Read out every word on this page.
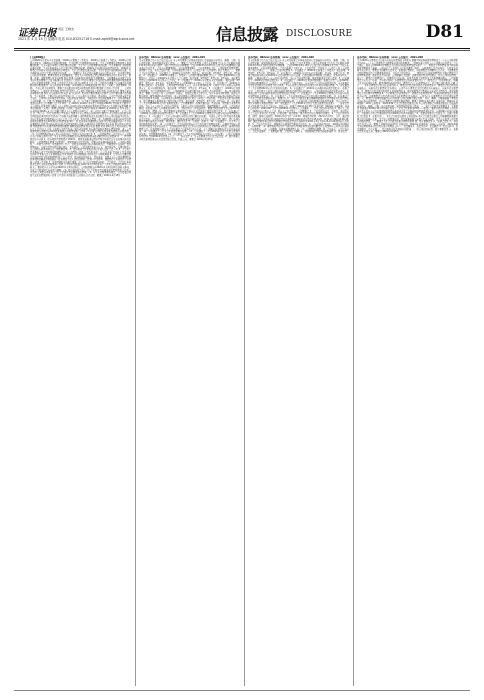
证券日报 责任 王晓杰
2021 年 4 月 15 日 星期四 电话 010-83251716 E-mail:zqrb9@zqrb.sina.net	信息披露 DISCLOSURE	D81
(上接D80版)

公司2020年度报告全文及摘要、2020年度董事会工作报告、2020年度监事会工作报告、2020年度财务决算报告、2020年度利润分配预案、关于续聘会计师事务所的议案、关于公司董事及高级管理人员薪酬的议案、关于向银行申请综合授信额度的议案、关于为子公司提供担保的议案、关于开展外汇套期保值业务的议案、关于使用闲置自有资金进行现金管理的议案、2020年度内部控制自我评价报告、2020年度募集资金存放与实际使用情况的专项报告、关于会计政策变更的议案、关于计提资产减值准备的议案、关于2021年度日常关联交易预计的议案。一、重要提示 本年度报告摘要来自年度报告全文，为全面了解本公司的经营成果、财务状况及未来发展规划，投资者应当到证监会指定媒体仔细阅读年度报告全文。董事、监事、高级管理人员异议声明 姓名 职务 内容和原因 声明 除下列董事外，其他董事亲自出席了审议本次年报的董事会会议 非标准审计意见提示 □适用 √不适用 董事会审议的报告期普通股利润分配预案或公积金转增股本预案 √适用 □不适用 是否以公积金转增股本 □是 √否 公司经本次董事会审议通过的普通股利润分配预案为：以公司总股本为基数，向全体股东每10股派发现金红利元（含税），送红股0股（含税），不以公积金转增股本。董事会决议通过的本报告期优先股利润分配预案 □适用 √不适用 二、公司基本情况 1、公司简介 股票简称 股票代码 股票上市交易所 深圳证券交易所 联系人和联系方式 董事会秘书 证券事务代表 姓名 办公地址 传真 电话 电子信箱 2、报告期主要业务或产品简介 公司主要从事产品的研发、生产和销售，主要产品包括各类系列产品，广泛应用于多个领域。报告期内，公司主营业务未发生重大变化。公司坚持以市场需求为导向，以技术创新为驱动，不断提升产品品质和服务水平，持续巩固和扩大市场份额。3、主要会计数据和财务指标 （1）近三年主要会计数据和财务指标 公司是否需追溯调整或重述以前年度会计数据 □是 √否 单位：元 2020年 2019年 本年比上年增减 2018年 营业收入 归属于上市公司股东的净利润 归属于上市公司股东的扣除非经常性损益的净利润 经营活动产生的现金流量净额 基本每股收益（元/股） 稀释每股收益（元/股） 加权平均净资产收益率 2020年末 2019年末 本年末比上年末增减 2018年末 资产总额 归属于上市公司股东的净资产 （2）分季度主要会计数据 单位：元 第一季度 第二季度 第三季度 第四季度 营业收入 归属于上市公司股东的净利润 归属于上市公司股东的扣除非经常性损益的净利润 经营活动产生的现金流量净额 上述财务指标或其加总数是否与公司已披露季度报告、半年度报告相关财务指标存在重大差异 □是 √否 4、股本及股东情况 （1）普通股股东和表决权恢复的优先股股东数量及前10名股东持股情况表 单位：股 报告期末普通股股东总数 年度报告披露日前一个月末普通股股东总数 报告期末表决权恢复的优先股股东总数 前10名股东持股情况 股东名称 股东性质 持股比例 持股数量 持有有限售条件的股份数量 质押或冻结情况 股份状态 数量 境内非国有法人 境内自然人 国有法人 境外法人 其他 上述股东关联关系或一致行动的说明 参与融资融券业务股东情况说明 （2）公司优先股股东总数及前10名优先股股东持股情况表 □适用 √不适用 公司报告期无优先股股东持股情况。（3）以方框图形式披露公司与实际控制人之间的产权及控制关系 5、公司债券情况 公司是否存在公开发行并在证券交易所上市，且在年度报告批准报出日未到期或到期未能全额兑付的公司债券 否 三、经营情况讨论与分析 1、报告期经营情况简介 2020年，面对新冠肺炎疫情的严峻考验和复杂多变的国内外经济形势，公司管理层在董事会的领导下，紧紧围绕年度经营目标，积极应对各种困难和挑战，一手抓疫情防控，一手抓生产经营，全力推进复工复产，持续加大研发投入和市场开拓力度，不断优化产品结构，提升管理效率，实现了经营业绩的稳定增长。报告期内，公司实现营业收入万元，同比增长%；实现归属于上市公司股东的净利润万元，同比增长%。2、报告期内主营业务是否存在重大变化 □是 √否 3、占公司主营业务收入或主营业务利润10%以上的产品情况 √适用 □不适用 单位：元 产品名称 营业收入 营业利润 毛利率 营业收入比上年同期增减 营业利润比上年同期增减 毛利率比上年同期增减 4、是否存在需要特别关注的经营季节性或周期性特征 □是 √否 5、报告期内营业收入、营业成本、归属于上市公司普通股股东的净利润总额或者构成较前一报告期发生重大变化的说明 □适用 √不适用 6、面临暂停上市和终止上市情况 □适用 √不适用 7、涉及财务报告的相关事项 （1）与上年度财务报告相比，会计政策、会计估计和核算方法发生变化的情况说明 √适用 □不适用 财政部于2017年7月5日发布了《企业会计准则第14号——收入》，要求境内上市企业自2020年1月1日起施行。公司按照规定自2020年1月1日起执行新收入准则，并对会计政策相关内容进行调整。（2）报告期内发生重大会计差错更正需追溯重述的情况说明 □适用 √不适用 公司报告期无重大会计差错更正需追溯重述的情况。（3）与上年度财务报告相比，合并报表范围发生变化的情况说明 √适用 □不适用 本期新设子公司纳入合并范围。董事会 2021年4月15日

证券代码：002xxx 证券简称：xxxx 公告编号：2021-015

第五届董事会第十次会议决议公告 本公司及董事会全体成员保证信息披露的内容真实、准确、完整，没有虚假记载、误导性陈述或重大遗漏。一、董事会会议召开情况 公司第五届董事会第十次会议通知于2021年4月2日以电子邮件、电话等方式送达全体董事，会议于2021年4月13日在公司会议室以现场结合通讯表决方式召开。会议应出席董事9名，实际出席董事9名。会议由董事长主持，公司监事及高级管理人员列席了会议。本次会议的召集、召开和表决程序符合《公司法》和《公司章程》的有关规定。二、董事会会议审议情况 1、审议通过了《2020年度总经理工作报告》 表决结果：9票同意，0票反对，0票弃权。2、审议通过了《2020年度董事会工作报告》 公司独立董事向董事会提交了《独立董事2020年度述职报告》，并将在公司2020年年度股东大会上述职。表决结果：9票同意，0票反对，0票弃权。本议案尚需提交公司2020年年度股东大会审议。3、审议通过了《2020年年度报告全文及摘要》 表决结果：9票同意，0票反对，0票弃权。本议案尚需提交公司2020年年度股东大会审议。4、审议通过了《2020年度财务决算报告》 报告期内，公司实现营业总收入万元，较上年同期增长%；归属于上市公司股东的净利润万元，较上年同期增长%。表决结果：9票同意，0票反对，0票弃权。5、审议通过了《2020年度利润分配预案》 经会计师事务所审计，公司2020年度实现归属于母公司所有者的净利润元，母公司实现净利润元，根据《公司法》和《公司章程》的规定，提取法定盈余公积金元，加上年初未分配利润，减去已分配的利润，截至2020年12月31日，母公司可供股东分配的利润为元。公司拟以实施权益分派股权登记日登记的总股本为基数，向全体股东每10股派发现金红利元（含税），不送红股，不以资本公积金转增股本。独立董事对该事项发表了同意的独立意见。表决结果：9票同意，0票反对，0票弃权。6、审议通过了《关于续聘2021年度审计机构的议案》 会计师事务所（特殊普通合伙）具备证券、期货相关业务从业资格，具有上市公司审计工作的丰富经验，在担任公司审计机构期间，能够遵循独立、客观、公正的执业准则，较好地完成了公司委托的各项工作。为保持审计工作的连续性，董事会同意续聘其为公司2021年度审计机构，聘期一年。独立董事对该事项进行了事前认可并发表了同意的独立意见。7、审议通过了《2020年度内部控制自我评价报告》 8、审议通过了《关于2020年度募集资金存放与实际使用情况的专项报告》 9、审议通过了《关于公司向银行申请综合授信额度的议案》 为满足公司生产经营和业务发展的资金需求，公司及子公司拟向银行等金融机构申请总额不超过人民币亿元的综合授信额度，授信品种包括但不限于流动资金贷款、项目贷款、银行承兑汇票、信用证、保函等。10、审议通过了《关于为子公司提供担保的议案》 11、审议通过了《关于使用闲置自有资金进行现金管理的议案》 在确保不影响公司正常经营和资金安全的前提下，公司拟使用不超过人民币万元的闲置自有资金购买安全性高、流动性好的理财产品，使用期限自股东大会审议通过之日起12个月内有效，在上述额度和期限内资金可以滚动使用。12、审议通过了《关于会计政策变更的议案》 13、审议通过了《关于2021年度日常关联交易预计的议案》 关联董事回避表决。14、审议通过了《关于召开2020年年度股东大会的议案》 公司定于2021年5月7日召开2020年年度股东大会。三、备查文件 1、第五届董事会第十次会议决议；2、独立董事关于相关事项的事前认可意见及独立意见。特此公告。董事会 2021年4月15日

证券代码：002xxx 证券简称：xxxx 公告编号：2021-016

第五届监事会第九次会议决议公告 本公司及监事会全体成员保证信息披露的内容真实、准确、完整，没有虚假记载、误导性陈述或重大遗漏。一、监事会会议召开情况 公司第五届监事会第九次会议通知于2021年4月2日以书面方式送达全体监事，会议于2021年4月13日在公司会议室以现场方式召开。会议应出席监事3名，实际出席监事3名，会议由监事会主席主持。会议的召集、召开符合《公司法》和《公司章程》的有关规定。二、监事会会议审议情况 1、审议通过了《2020年度监事会工作报告》 表决结果：3票同意，0票反对，0票弃权。2、审议通过了《2020年年度报告全文及摘要》 经审核，监事会认为：董事会编制和审核公司2020年年度报告的程序符合法律、行政法规和中国证监会的规定，报告内容真实、准确、完整地反映了上市公司的实际情况，不存在任何虚假记载、误导性陈述或者重大遗漏。3、审议通过了《2020年度财务决算报告》 4、审议通过了《2020年度利润分配预案》 监事会认为：公司2020年度利润分配预案符合《公司法》、《公司章程》等相关规定，充分考虑了公司目前的经营状况、未来发展资金需求以及股东投资回报等综合因素，不存在损害公司及股东特别是中小股东利益的情形。5、审议通过了《关于续聘2021年度审计机构的议案》 6、审议通过了《2020年度内部控制自我评价报告》 监事会认为：公司已建立了较为完善的内部控制体系并能得到有效的执行，公司内部控制自我评价报告真实、客观地反映了公司内部控制制度的建设及运行情况。7、审议通过了《关于2020年度募集资金存放与实际使用情况的专项报告》 8、审议通过了《关于使用闲置自有资金进行现金管理的议案》 9、审议通过了《关于会计政策变更的议案》 监事会认为：本次会计政策变更是根据财政部相关文件要求进行的合理变更，符合相关规定，执行会计政策变更能够客观、公允地反映公司的财务状况和经营成果，不存在损害公司及全体股东利益的情形。10、审议通过了《关于2021年度日常关联交易预计的议案》 三、备查文件 第五届监事会第九次会议决议。特此公告。监事会 2021年4月15日 证券代码：002xxx 证券简称：xxxx 公告编号：2021-017 关于召开2020年年度股东大会的通知 一、召开会议的基本情况 1、股东大会届次：2020年年度股东大会 2、股东大会的召集人：公司董事会 3、会议召开的合法、合规性：本次股东大会会议召开符合有关法律、行政法规、部门规章、规范性文件和公司章程的规定。4、会议召开的日期、时间：现场会议时间：2021年5月7日下午14:30；网络投票时间：2021年5月7日。其中，通过深圳证券交易所交易系统进行网络投票的具体时间为2021年5月7日9:15-9:25，9:30-11:30和13:00-15:00；通过深圳证券交易所互联网投票系统投票的具体时间为2021年5月7日9:15-15:00期间的任意时间。5、会议的召开方式：现场表决与网络投票相结合的方式。6、会议的股权登记日：2021年4月29日 7、出席对象：（1）截至股权登记日下午收市时在中国证券登记结算有限责任公司深圳分公司登记在册的公司全体股东；（2）公司董事、监事和高级管理人员；（3）公司聘请的律师。8、会议地点：公司会议室 二、会议审议事项 三、提案编码 四、会议登记等事项 五、参加网络投票的具体操作流程 六、备查文件

证券代码：002xxx 证券简称：xxxx 公告编号：2021-018

关于2020年度募集资金存放与实际使用情况的专项报告 根据中国证券监督管理委员会《上市公司监管指引第2号——上市公司募集资金管理和使用的监管要求》、《深圳证券交易所上市公司规范运作指引》等有关规定，现将公司2020年度募集资金存放与实际使用情况报告如下：一、募集资金基本情况 经中国证券监督管理委员会核准，公司向社会公开发行人民币普通股（A股），每股面值人民币1.00元，每股发行价格为人民币元，募集资金总额为人民币元，扣除发行费用后，实际募集资金净额为人民币元。上述募集资金到位情况已经会计师事务所验证，并出具了验资报告。二、募集资金存放和管理情况 为规范募集资金的管理和使用，保护投资者的权益，公司根据有关法律、法规及规范性文件的规定，结合公司实际情况，制定了《募集资金管理制度》，对募集资金的存放、使用及监督等方面作出了具体明确的规定。公司对募集资金实行专户存储，并与保荐机构、存放募集资金的商业银行签订了《募集资金三方监管协议》，明确了各方的权利和义务。截至2020年12月31日，募集资金专户存储情况如下：开户银行 银行账号 余额 合计 三、本年度募集资金的实际使用情况 1、募集资金投资项目的资金使用情况 2、募集资金投资项目的实施地点、实施方式变更情况 报告期内，公司不存在募集资金投资项目的实施地点、实施方式变更情况。3、募集资金投资项目先期投入及置换情况 4、用闲置募集资金暂时补充流动资金情况 5、用闲置募集资金进行现金管理情况 6、节余募集资金使用情况 7、超募资金使用情况 8、尚未使用的募集资金用途及去向 四、变更募集资金投资项目的资金使用情况 报告期内，公司不存在变更募集资金投资项目的情况。五、募集资金使用及披露中存在的问题 公司已按相关规定及时、真实、准确、完整地披露了募集资金的存放与使用情况，不存在募集资金管理违规的情形。董事会 2021年4月15日 证券代码：002xxx 证券简称：xxxx 公告编号：2021-019 关于会计政策变更的公告 本公司及董事会全体成员保证信息披露的内容真实、准确、完整，没有虚假记载、误导性陈述或重大遗漏。一、本次会计政策变更概述 1、变更原因 财政部于2018年12月7日修订发布了《企业会计准则第21号——租赁》，要求在境内外同时上市的企业以及在境外上市并采用国际财务报告准则或企业会计准则编制财务报表的企业，自2019年1月1日起施行；其他执行企业会计准则的企业自2021年1月1日起施行。2、变更前采用的会计政策 3、变更后采用的会计政策 4、变更日期 二、本次会计政策变更对公司的影响 本次会计政策变更是公司根据财政部相关规定进行的相应变更，不会对公司财务状况、经营成果和现金流量产生重大影响，也不存在损害公司及股东利益的情况。三、董事会关于会计政策变更合理性的说明 四、独立董事意见 五、监事会意见 六、备查文件 特此公告。董事会 2021年4月15日 证券代码：002xxx 证券简称：xxxx 公告编号：2021-020 关于使用闲置自有资金进行现金管理的公告 一、投资概况 1、投资目的 2、投资额度 3、投资品种 4、投资期限 5、资金来源 二、投资风险分析及风险控制措施 三、对公司的影响 四、独立董事意见 五、监事会意见 特此公告。董事会 2021年4月15日
